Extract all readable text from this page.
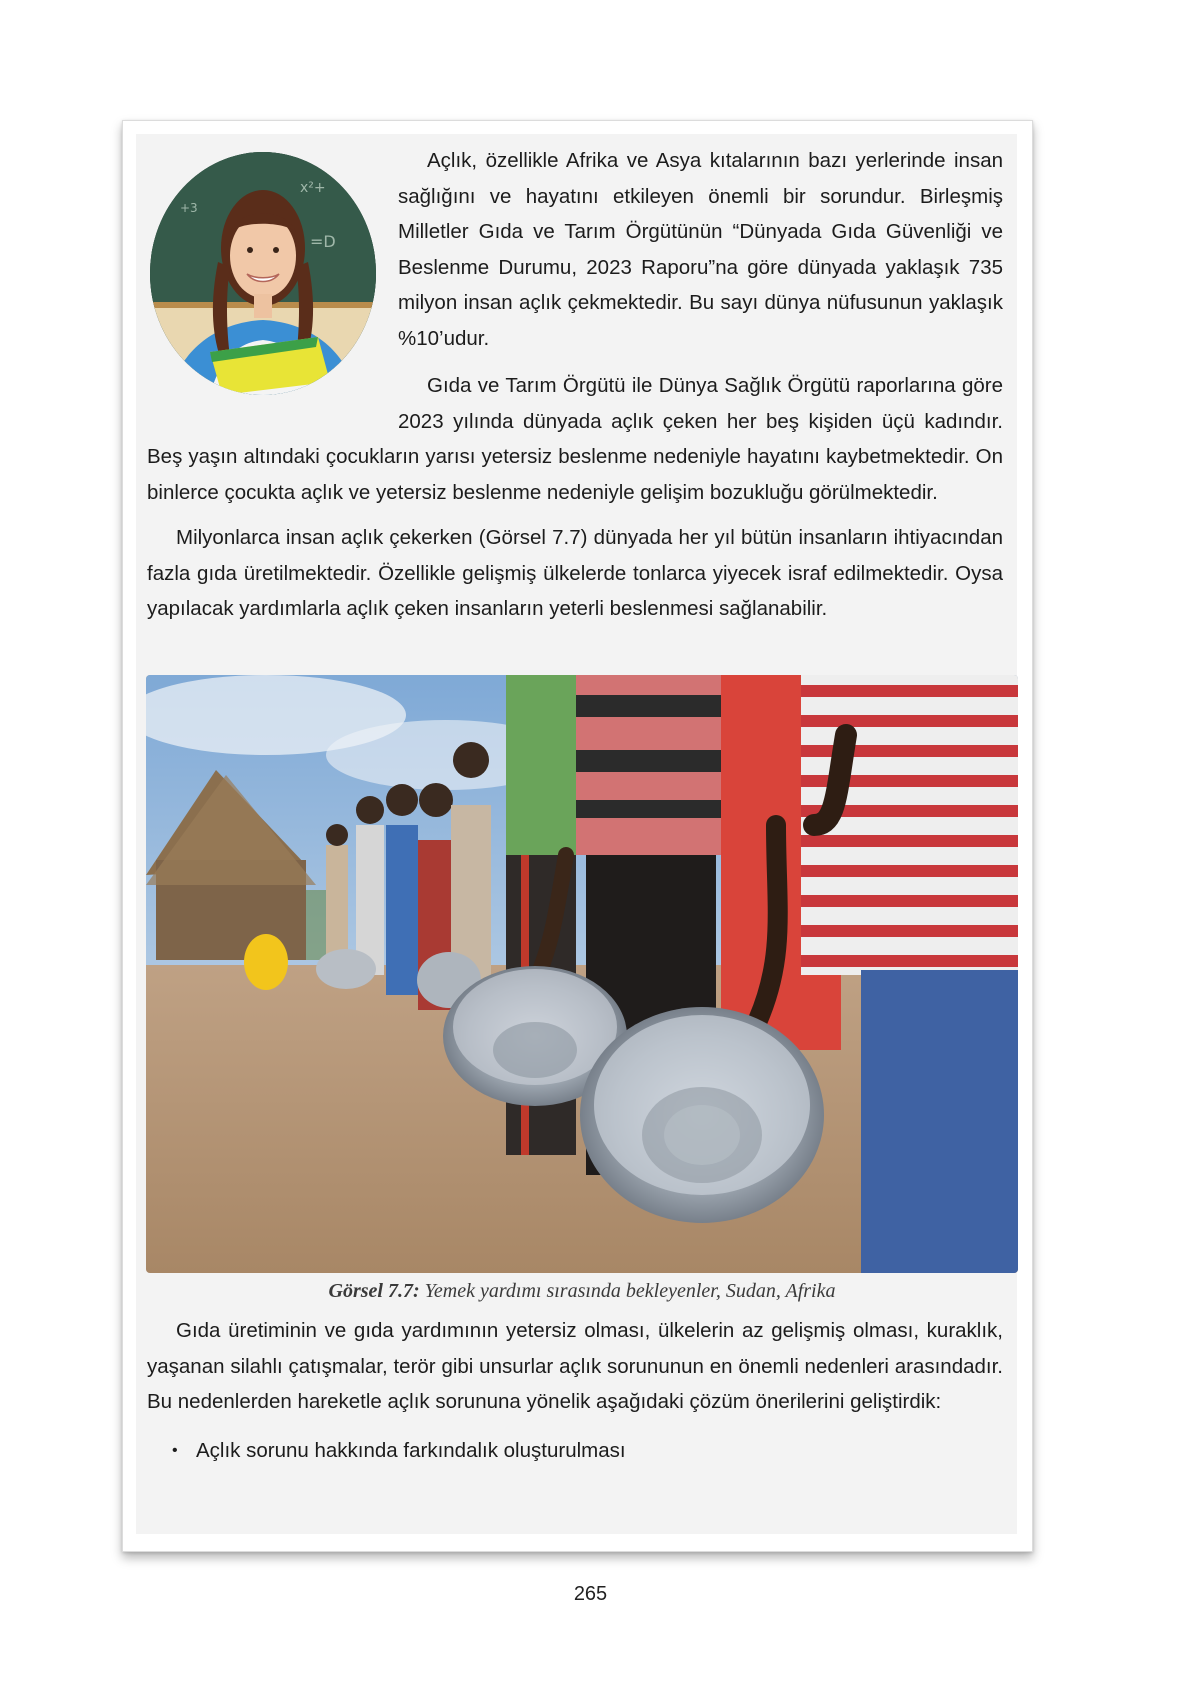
x²+
=D
+3

Açlık, özellikle Afrika ve Asya kıtalarının bazı yerlerinde insan sağlığını ve hayatını etkileyen önemli bir sorundur. Birleşmiş Milletler Gıda ve Tarım Örgütünün “Dünyada Gıda Güvenliği ve Beslenme Durumu, 2023 Raporu”na göre dünyada yaklaşık 735 milyon insan açlık çekmektedir. Bu sayı dünya nüfusunun yaklaşık %10’udur.

Gıda ve Tarım Örgütü ile Dünya Sağlık Örgütü raporlarına göre 2023 yılında dünyada açlık çeken her beş kişiden üçü kadındır. Beş yaşın altındaki çocukların yarısı yetersiz beslenme nedeniyle hayatını kaybetmektedir. On binlerce çocukta açlık ve yetersiz beslenme nedeniyle gelişim bozukluğu görülmektedir.

Milyonlarca insan açlık çekerken (Görsel 7.7) dünyada her yıl bütün insanların ihtiyacından fazla gıda üretilmektedir. Özellikle gelişmiş ülkelerde tonlarca yiyecek israf edilmektedir. Oysa yapılacak yardımlarla açlık çeken insanların yeterli beslenmesi sağlanabilir.

Görsel 7.7: Yemek yardımı sırasında bekleyenler, Sudan, Afrika

Gıda üretiminin ve gıda yardımının yetersiz olması, ülkelerin az gelişmiş olması, kuraklık, yaşanan silahlı çatışmalar, terör gibi unsurlar açlık sorununun en önemli nedenleri arasındadır. Bu nedenlerden hareketle açlık sorununa yönelik aşağıdaki çözüm önerilerini geliştirdik:

• Açlık sorunu hakkında farkındalık oluşturulması
265
